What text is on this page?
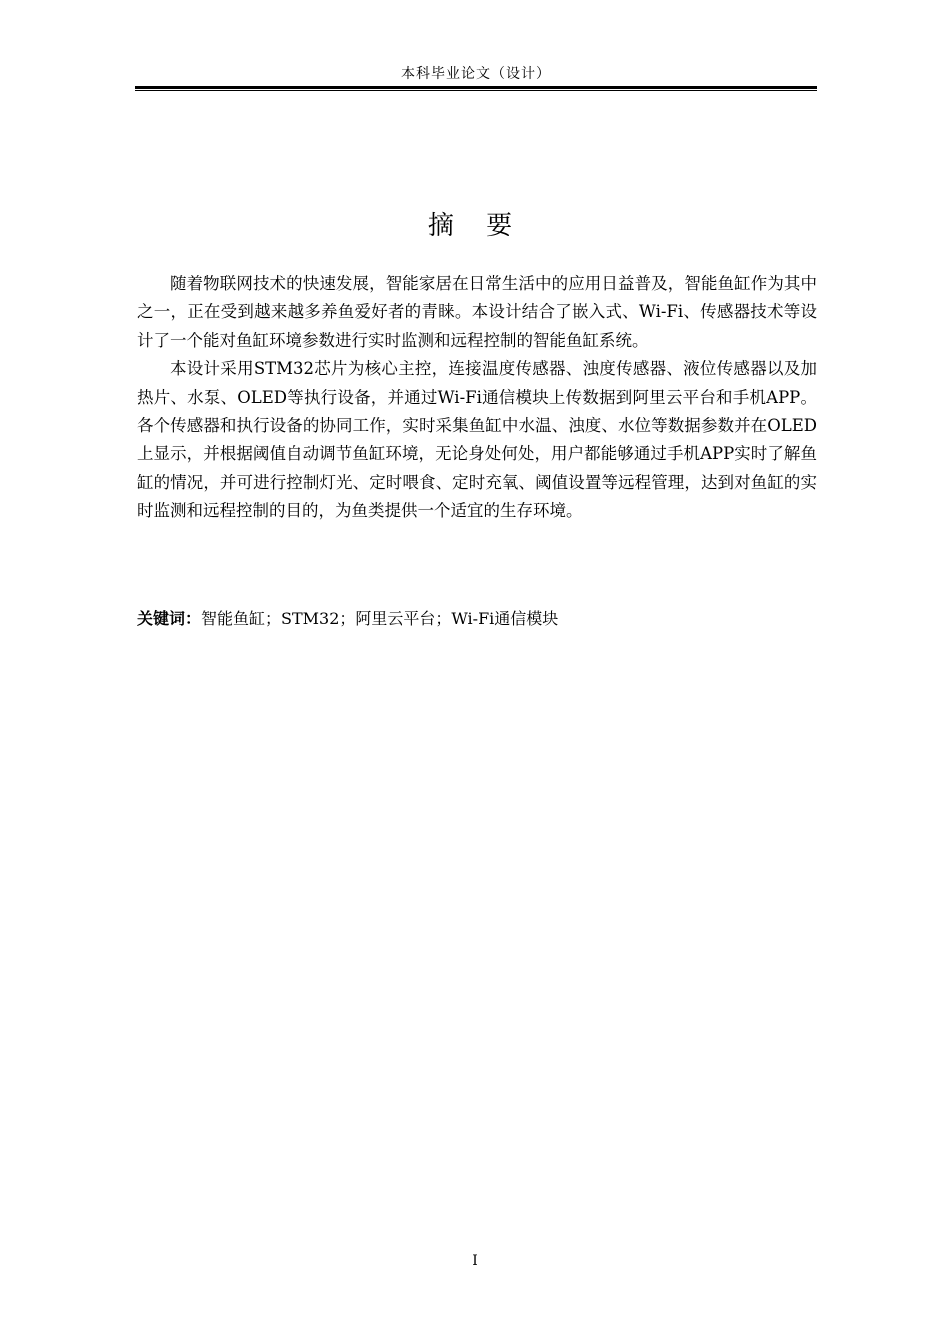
本科毕业论文（设计）
摘 要

随着物联网技术的快速发展，智能家居在日常生活中的应用日益普及，智能鱼缸作为其中之一，正在受到越来越多养鱼爱好者的青睐。本设计结合了嵌入式、Wi-Fi、传感器技术等设计了一个能对鱼缸环境参数进行实时监测和远程控制的智能鱼缸系统。

本设计采用STM32芯片为核心主控，连接温度传感器、浊度传感器、液位传感器以及加热片、水泵、OLED等执行设备，并通过Wi-Fi通信模块上传数据到阿里云平台和手机APP。各个传感器和执行设备的协同工作，实时采集鱼缸中水温、浊度、水位等数据参数并在OLED上显示，并根据阈值自动调节鱼缸环境，无论身处何处，用户都能够通过手机APP实时了解鱼缸的情况，并可进行控制灯光、定时喂食、定时充氧、阈值设置等远程管理，达到对鱼缸的实时监测和远程控制的目的，为鱼类提供一个适宜的生存环境。

关键词：智能鱼缸；STM32；阿里云平台；Wi-Fi通信模块
I
